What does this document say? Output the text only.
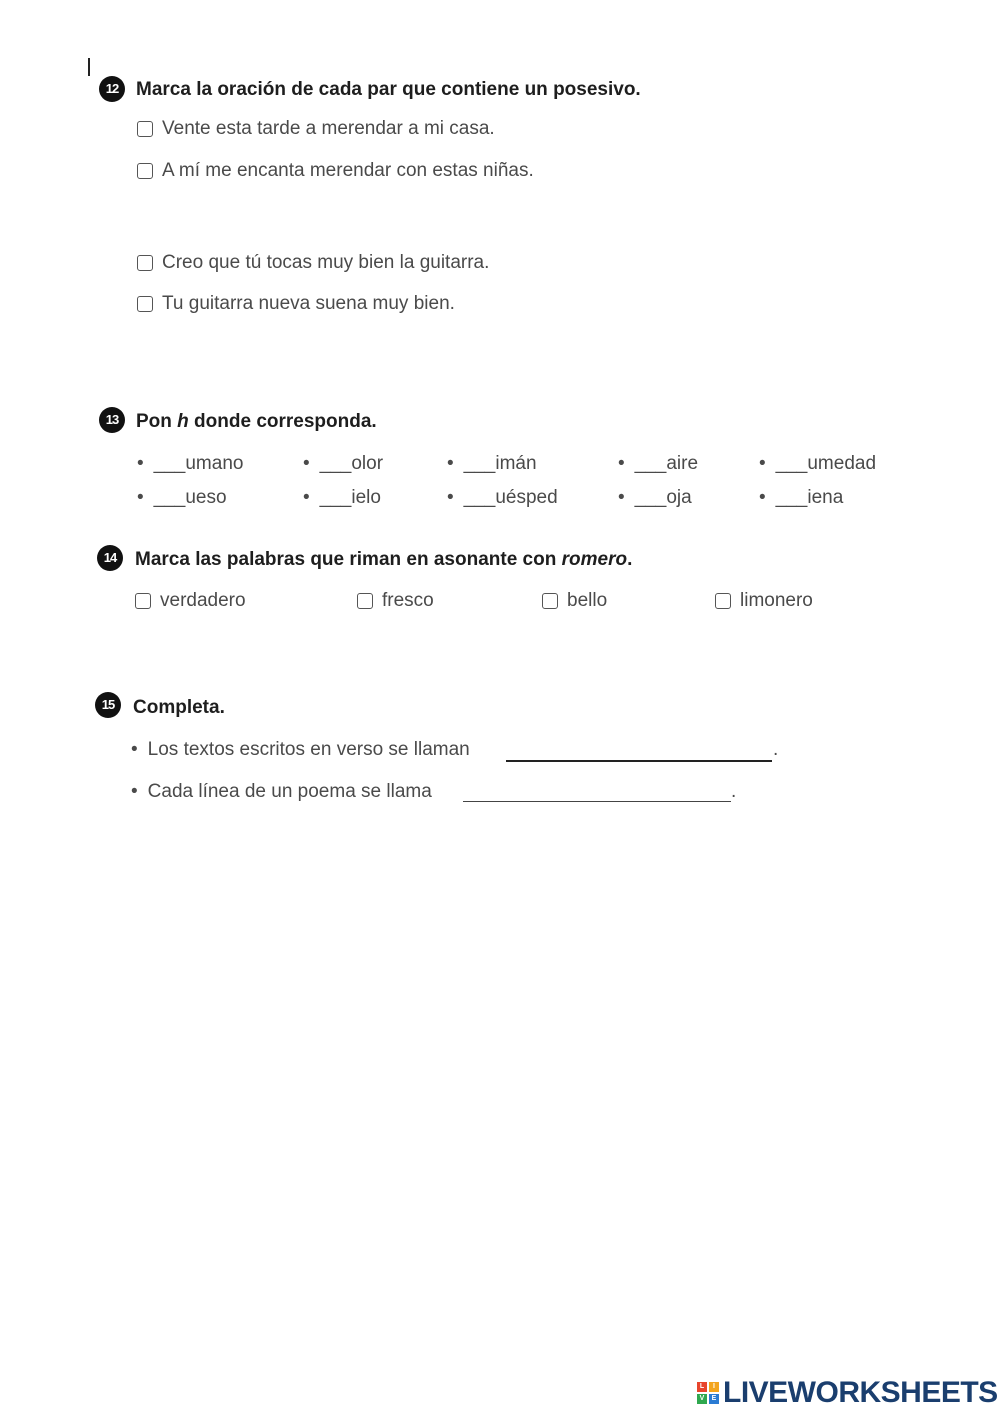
12 Marca la oración de cada par que contiene un posesivo.
Vente esta tarde a merendar a mi casa.
A mí me encanta merendar con estas niñas.
Creo que tú tocas muy bien la guitarra.
Tu guitarra nueva suena muy bien.
13 Pon h donde corresponda.
• ___umano	• ___olor	• ___imán	• ___aire	• ___umedad
• ___ueso	• ___ielo	• ___uésped	• ___oja	• ___iena
14 Marca las palabras que riman en asonante con romero.
verdadero	fresco	bello	limonero
15 Completa.
• Los textos escritos en verso se llaman	.
• Cada línea de un poema se llama	.
L	I
V	E LIVEWORKSHEETS
